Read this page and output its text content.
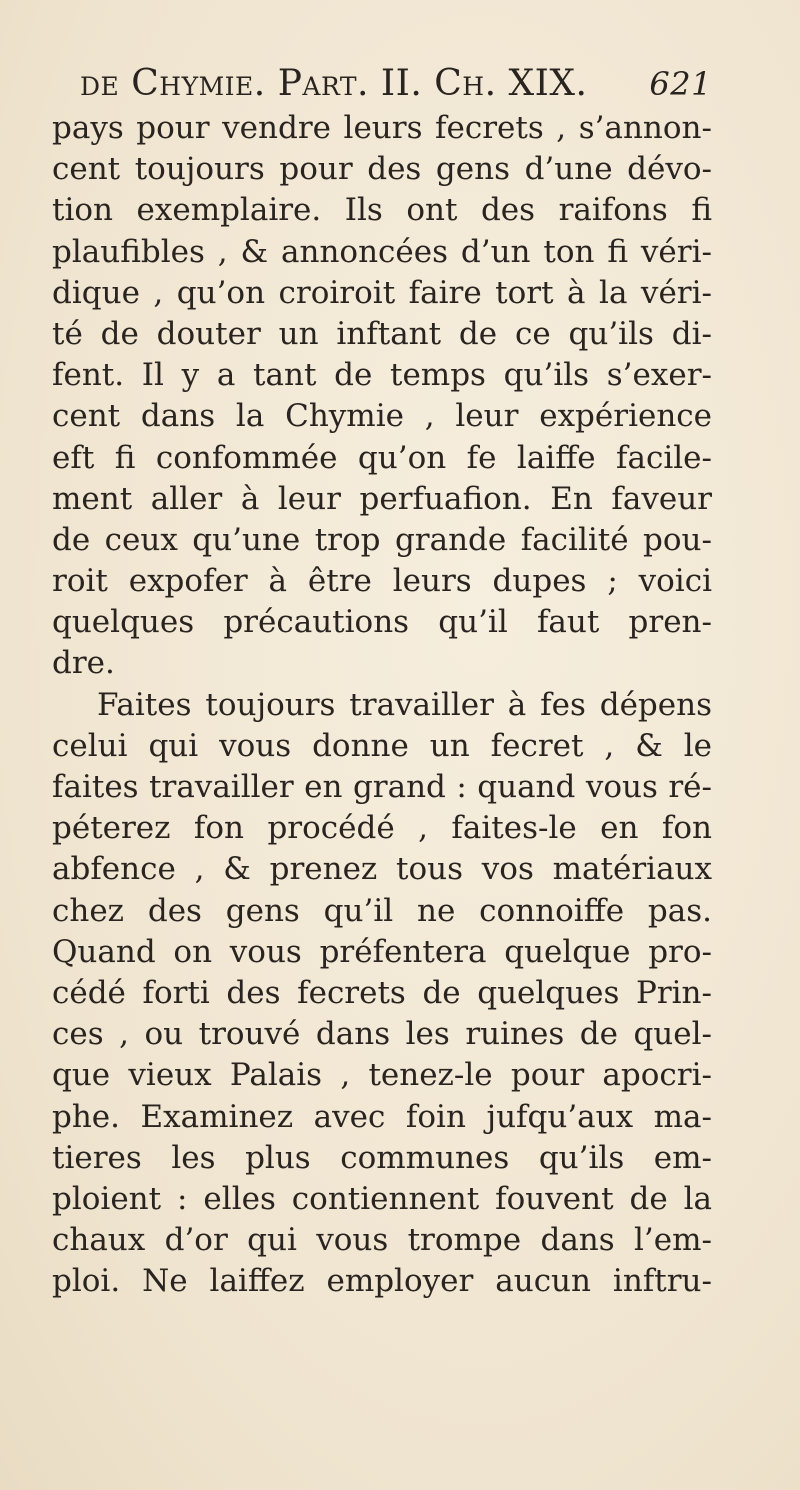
de Chymie. Part. II. Ch. XIX. 621
pays pour vendre leurs fecrets , s’annon-
cent toujours pour des gens d’une dévo-
tion exemplaire. Ils ont des raifons fi
plaufibles , & annoncées d’un ton fi véri-
dique , qu’on croiroit faire tort à la véri-
té de douter un inftant de ce qu’ils di-
fent. Il y a tant de temps qu’ils s’exer-
cent dans la Chymie , leur expérience
eft fi confommée qu’on fe laiffe facile-
ment aller à leur perfuafion. En faveur
de ceux qu’une trop grande facilité pou-
roit expofer à être leurs dupes ; voici
quelques précautions qu’il faut pren-
dre.
Faites toujours travailler à fes dépens
celui qui vous donne un fecret , & le
faites travailler en grand : quand vous ré-
péterez fon procédé , faites-le en fon
abfence , & prenez tous vos matériaux
chez des gens qu’il ne connoiffe pas.
Quand on vous préfentera quelque pro-
cédé forti des fecrets de quelques Prin-
ces , ou trouvé dans les ruines de quel-
que vieux Palais , tenez-le pour apocri-
phe. Examinez avec foin jufqu’aux ma-
tieres les plus communes qu’ils em-
ploient : elles contiennent fouvent de la
chaux d’or qui vous trompe dans l’em-
ploi. Ne laiffez employer aucun inftru-
